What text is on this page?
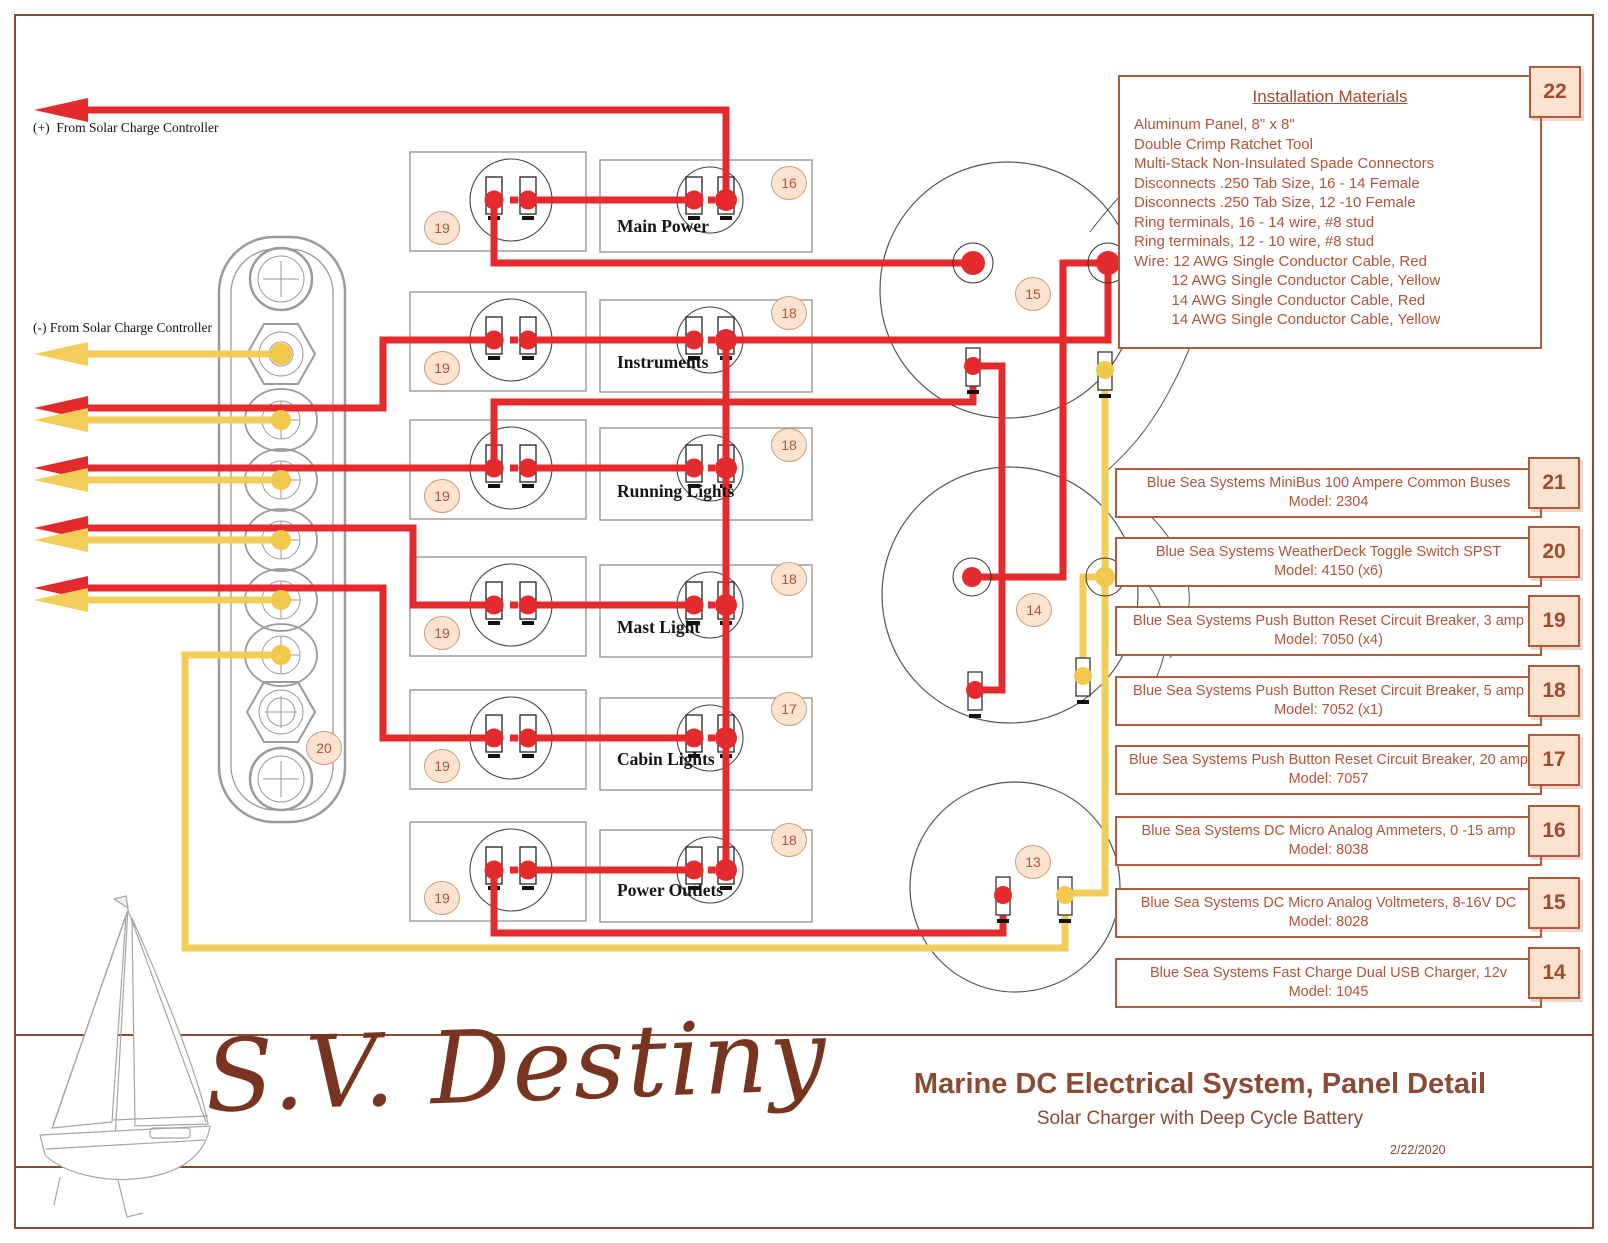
(+)  From Solar Charge Controller
(-) From Solar Charge Controller
Main Power
Instruments
Running Lights
Mast Light
Cabin Lights
Power Outlets
19
19
19
19
19
19
16
18
18
18
17
18
20
15
14
13
Installation Materials
Aluminum Panel, 8" x 8"
Double Crimp Ratchet Tool
Multi-Stack Non-Insulated Spade Connectors
Disconnects .250 Tab Size, 16 - 14 Female
Disconnects .250 Tab Size, 12 -10 Female
Ring terminals, 16 - 14 wire, #8 stud
Ring terminals, 12 - 10 wire, #8 stud
Wire: 12 AWG Single Conductor Cable, Red
12 AWG Single Conductor Cable, Yellow
14 AWG Single Conductor Cable, Red
14 AWG Single Conductor Cable, Yellow
22
Blue Sea Systems MiniBus 100 Ampere Common Buses
Model: 2304
Blue Sea Systems WeatherDeck Toggle Switch SPST
Model: 4150 (x6)
Blue Sea Systems Push Button Reset Circuit Breaker, 3 amp
Model: 7050 (x4)
Blue Sea Systems Push Button Reset Circuit Breaker, 5 amp
Model: 7052 (x1)
Blue Sea Systems Push Button Reset Circuit Breaker, 20 amp
Model: 7057
Blue Sea Systems DC Micro Analog Ammeters, 0 -15 amp
Model: 8038
Blue Sea Systems DC Micro Analog Voltmeters, 8-16V DC
Model: 8028
Blue Sea Systems Fast Charge Dual USB Charger, 12v
Model: 1045
21
20
19
18
17
16
15
14
S.V. Destiny	Marine DC Electrical System, Panel Detail
Solar Charger with Deep Cycle Battery
2/22/2020
